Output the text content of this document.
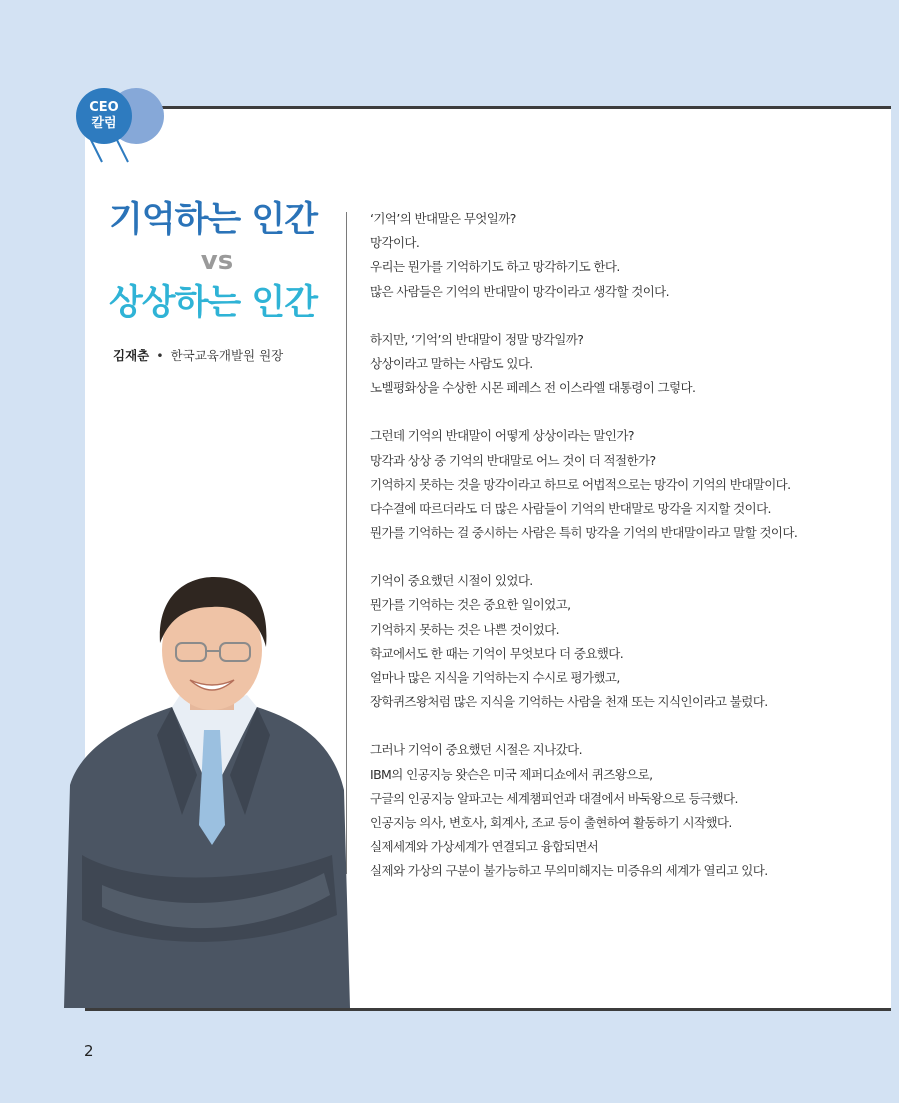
CEO
칼럼
기억하는 인간
vs
상상하는 인간
김재춘 • 한국교육개발원 원장
‘기억’의 반대말은 무엇일까?
망각이다.
우리는 뭔가를 기억하기도 하고 망각하기도 한다.
많은 사람들은 기억의 반대말이 망각이라고 생각할 것이다.
하지만, ‘기억’의 반대말이 정말 망각일까?
상상이라고 말하는 사람도 있다.
노벨평화상을 수상한 시몬 페레스 전 이스라엘 대통령이 그렇다.
그런데 기억의 반대말이 어떻게 상상이라는 말인가?
망각과 상상 중 기억의 반대말로 어느 것이 더 적절한가?
기억하지 못하는 것을 망각이라고 하므로 어법적으로는 망각이 기억의 반대말이다.
다수결에 따르더라도 더 많은 사람들이 기억의 반대말로 망각을 지지할 것이다.
뭔가를 기억하는 걸 중시하는 사람은 특히 망각을 기억의 반대말이라고 말할 것이다.
기억이 중요했던 시절이 있었다.
뭔가를 기억하는 것은 중요한 일이었고,
기억하지 못하는 것은 나쁜 것이었다.
학교에서도 한 때는 기억이 무엇보다 더 중요했다.
얼마나 많은 지식을 기억하는지 수시로 평가했고,
장학퀴즈왕처럼 많은 지식을 기억하는 사람을 천재 또는 지식인이라고 불렀다.
그러나 기억이 중요했던 시절은 지나갔다.
IBM의 인공지능 왓슨은 미국 제퍼디쇼에서 퀴즈왕으로,
구글의 인공지능 알파고는 세계챔피언과 대결에서 바둑왕으로 등극했다.
인공지능 의사, 변호사, 회계사, 조교 등이 출현하여 활동하기 시작했다.
실제세계와 가상세계가 연결되고 융합되면서
실제와 가상의 구분이 불가능하고 무의미해지는 미증유의 세계가 열리고 있다.
2
